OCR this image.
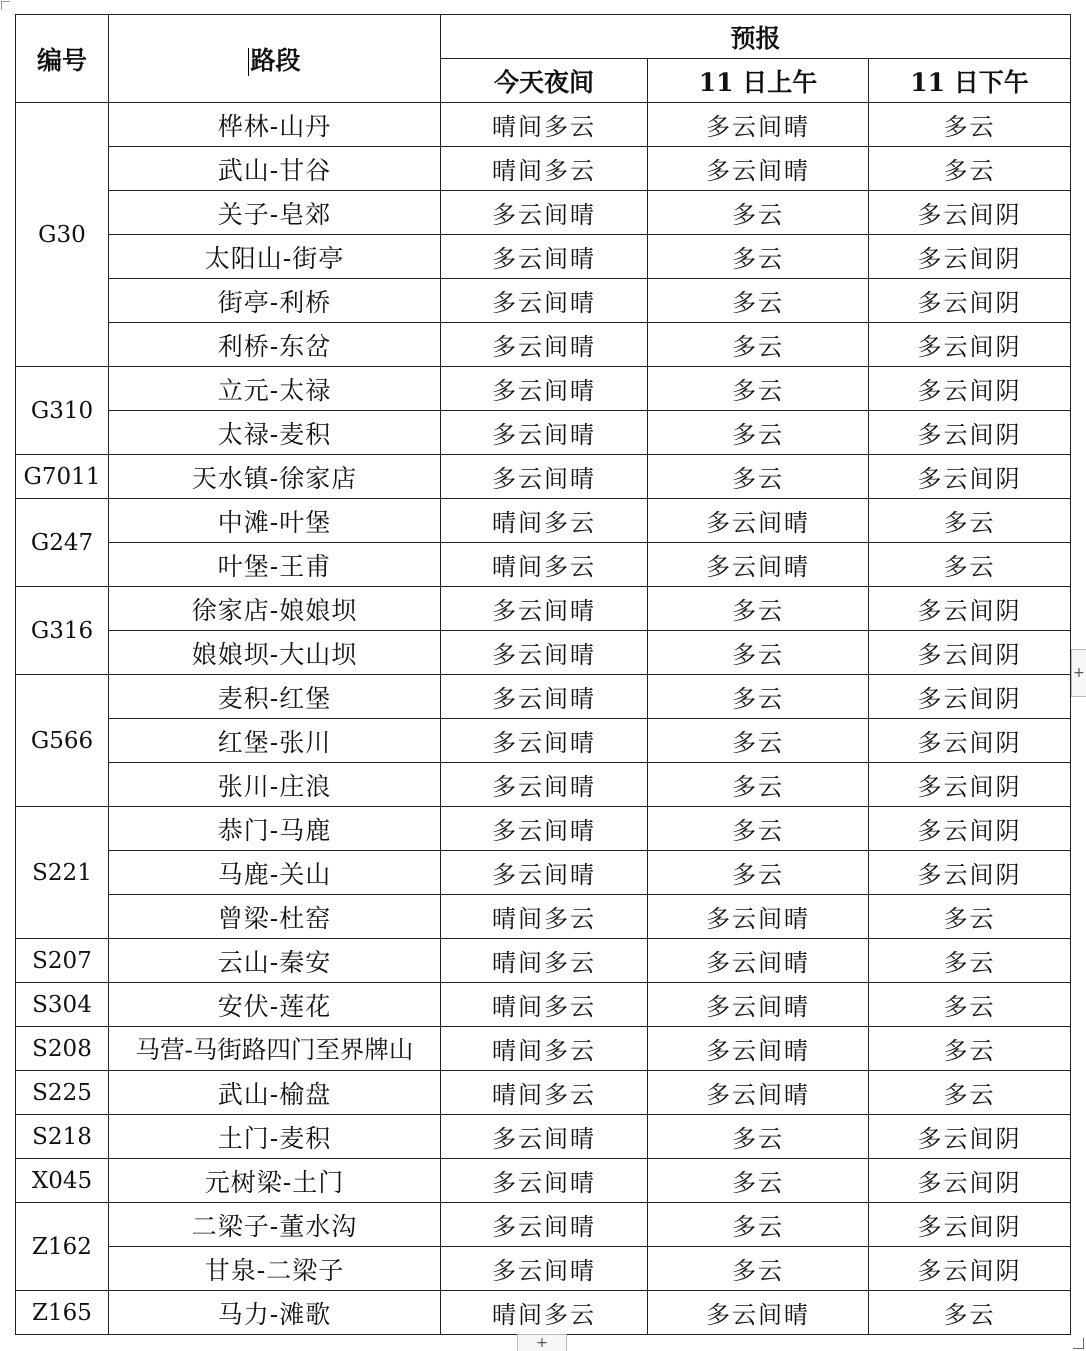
编号	路段	预报		
		今天夜间	11 日上午	11 日下午
G30	桦林-山丹	晴间多云	多云间晴	多云
	武山-甘谷	晴间多云	多云间晴	多云
	关子-皂郊	多云间晴	多云	多云间阴
	太阳山-街亭	多云间晴	多云	多云间阴
	街亭-利桥	多云间晴	多云	多云间阴
	利桥-东岔	多云间晴	多云	多云间阴
G310	立元-太禄	多云间晴	多云	多云间阴
	太禄-麦积	多云间晴	多云	多云间阴
G7011	天水镇-徐家店	多云间晴	多云	多云间阴
G247	中滩-叶堡	晴间多云	多云间晴	多云
	叶堡-王甫	晴间多云	多云间晴	多云
G316	徐家店-娘娘坝	多云间晴	多云	多云间阴
	娘娘坝-大山坝	多云间晴	多云	多云间阴
G566	麦积-红堡	多云间晴	多云	多云间阴
	红堡-张川	多云间晴	多云	多云间阴
	张川-庄浪	多云间晴	多云	多云间阴
S221	恭门-马鹿	多云间晴	多云	多云间阴
	马鹿-关山	多云间晴	多云	多云间阴
	曾梁-杜窑	晴间多云	多云间晴	多云
S207	云山-秦安	晴间多云	多云间晴	多云
S304	安伏-莲花	晴间多云	多云间晴	多云
S208	马营-马街路四门至界牌山	晴间多云	多云间晴	多云
S225	武山-榆盘	晴间多云	多云间晴	多云
S218	土门-麦积	多云间晴	多云	多云间阴
X045	元树梁-土门	多云间晴	多云	多云间阴
Z162	二梁子-董水沟	多云间晴	多云	多云间阴
	甘泉-二梁子	多云间晴	多云	多云间阴
Z165	马力-滩歌	晴间多云	多云间晴	多云
+
+
